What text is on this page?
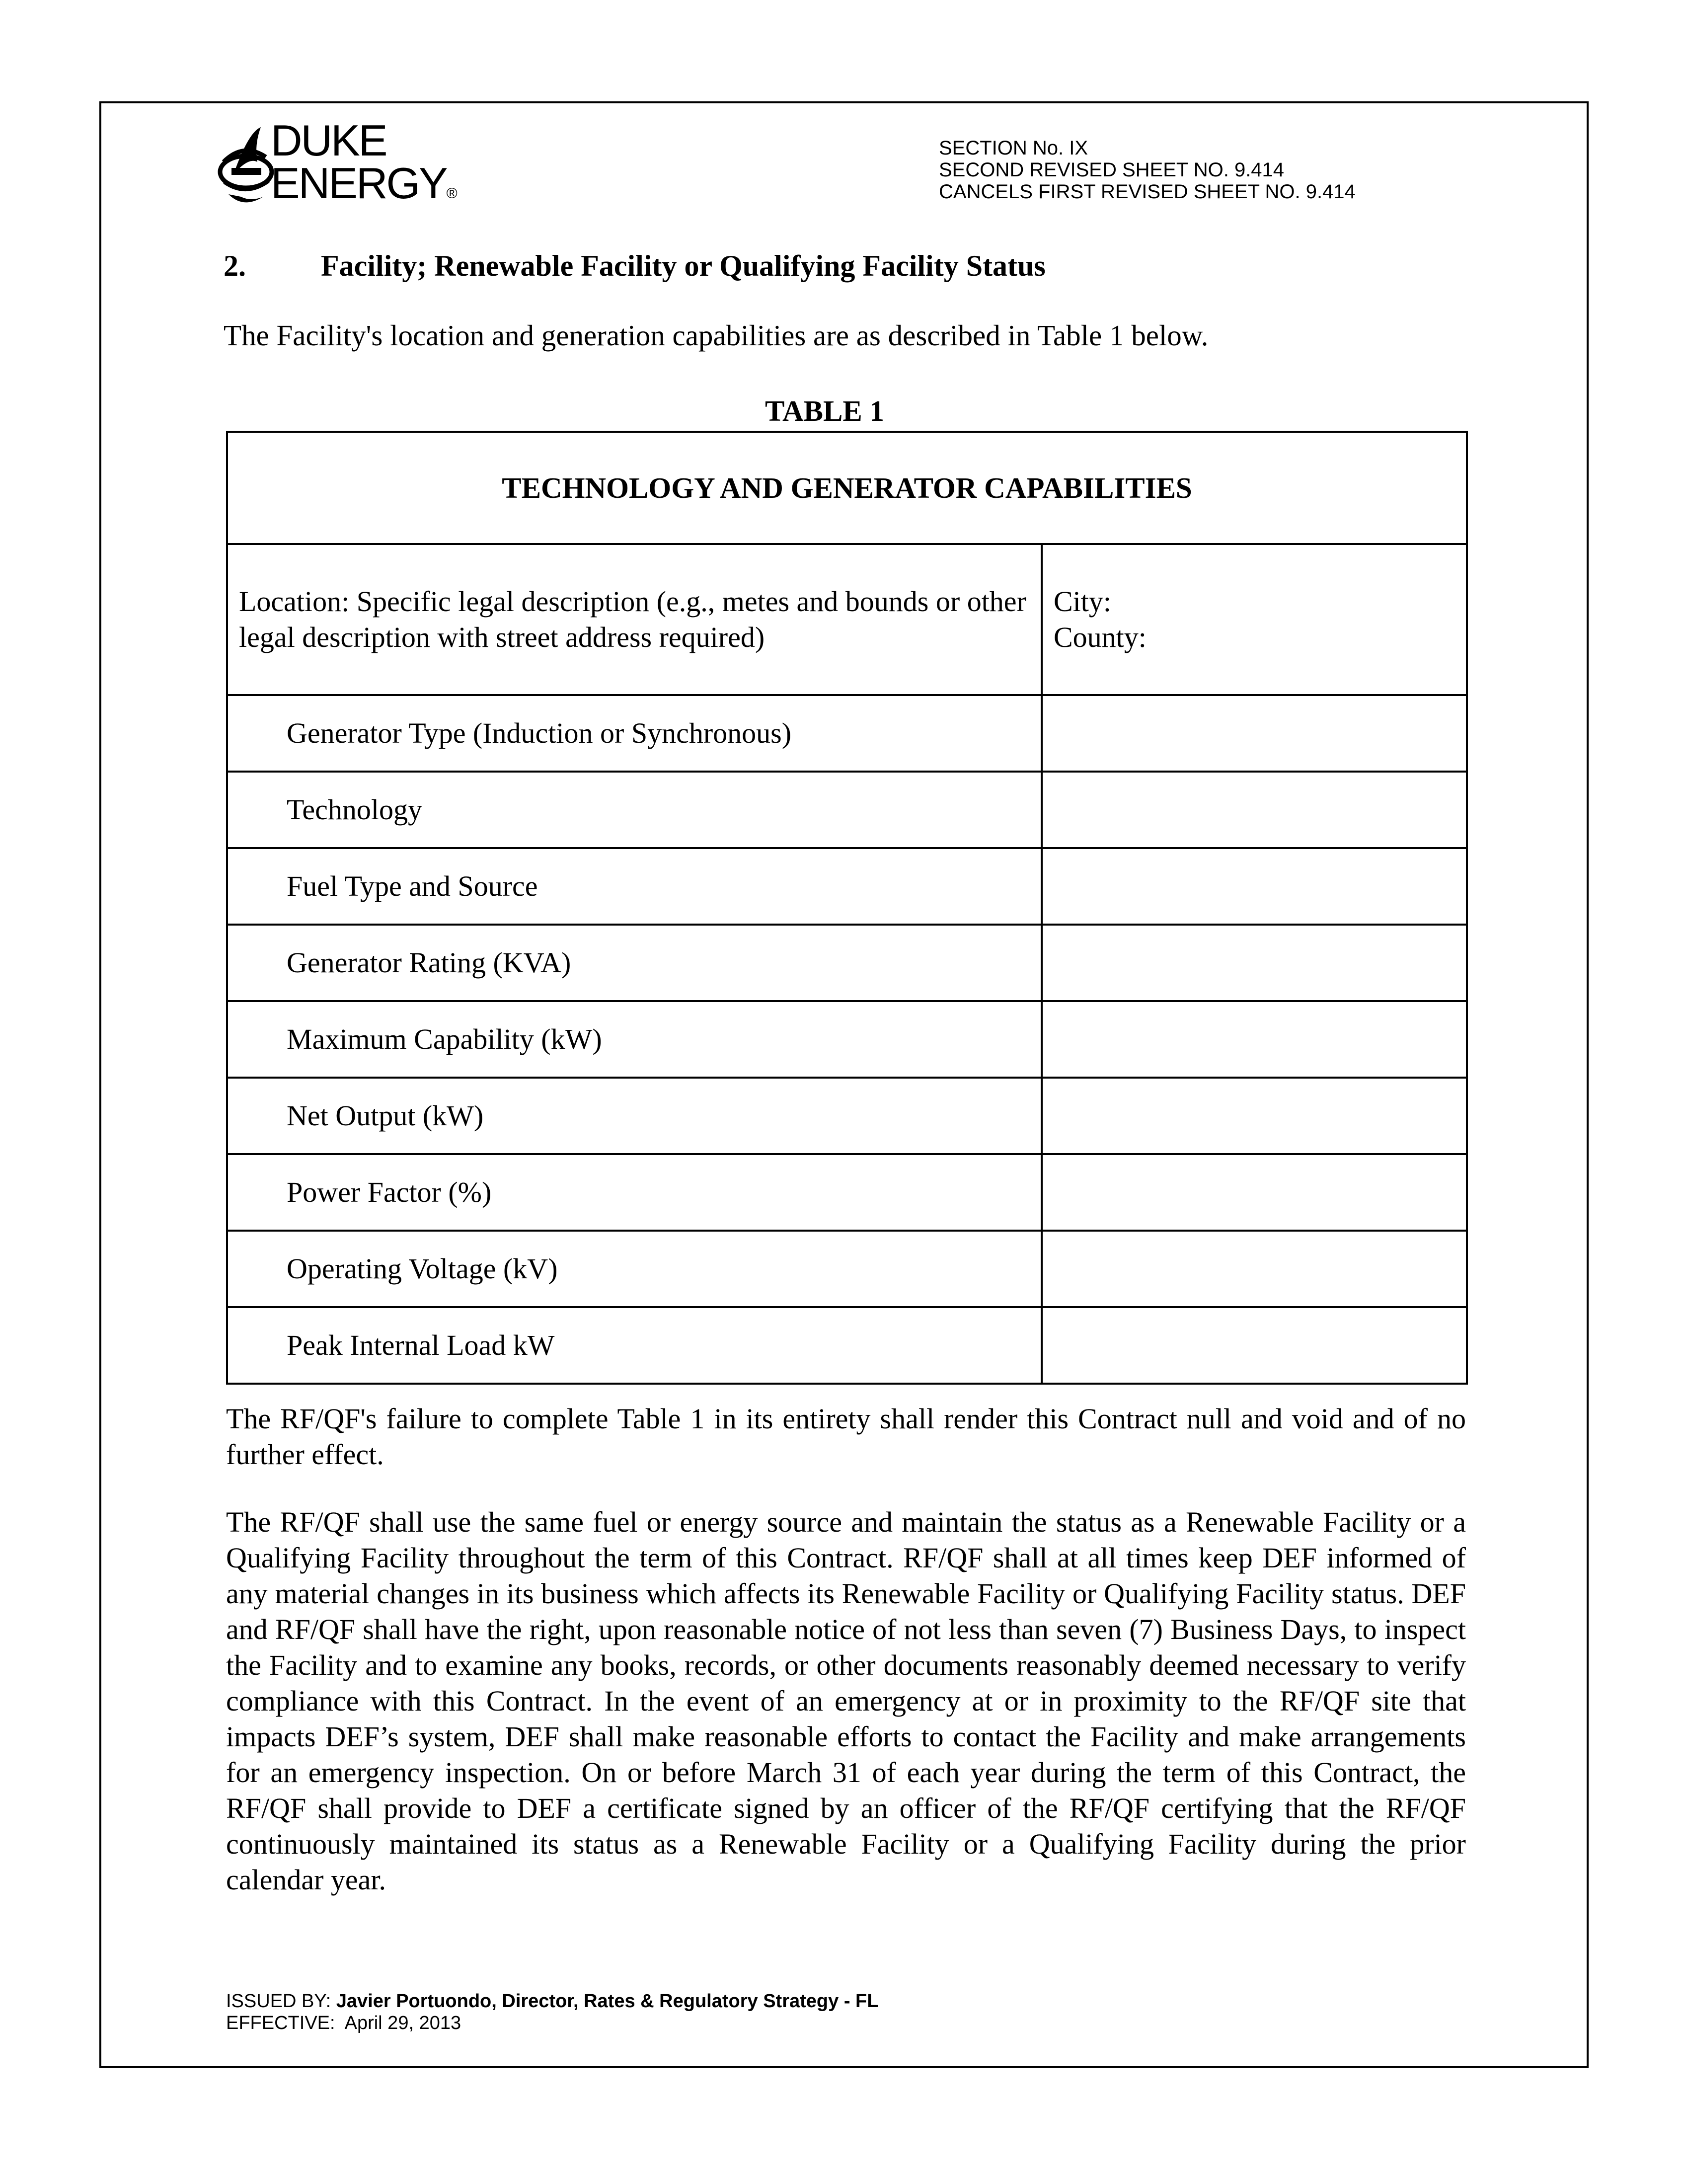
DUKE
ENERGY®
SECTION No. IX
SECOND REVISED SHEET NO. 9.414
CANCELS FIRST REVISED SHEET NO. 9.414
2.	Facility; Renewable Facility or Qualifying Facility Status
The Facility's location and generation capabilities are as described in Table 1 below.
TABLE 1
TECHNOLOGY AND GENERATOR CAPABILITIES	
Location: Specific legal description (e.g., metes and bounds or other legal description with street address required)	City:
County:

Generator Type (Induction or Synchronous)	
Technology	
Fuel Type and Source	
Generator Rating (KVA)	
Maximum Capability (kW)	
Net Output (kW)	
Power Factor (%)	
Operating Voltage (kV)	
Peak Internal Load kW	
The RF/QF's failure to complete Table 1 in its entirety shall render this Contract null and void and of no further effect.
The RF/QF shall use the same fuel or energy source and maintain the status as a Renewable Facility or a Qualifying Facility throughout the term of this Contract. RF/QF shall at all times keep DEF informed of any material changes in its business which affects its Renewable Facility or Qualifying Facility status. DEF and RF/QF shall have the right, upon reasonable notice of not less than seven (7) Business Days, to inspect the Facility and to examine any books, records, or other documents reasonably deemed necessary to verify compliance with this Contract. In the event of an emergency at or in proximity to the RF/QF site that impacts DEF’s system, DEF shall make reasonable efforts to contact the Facility and make arrangements for an emergency inspection. On or before March 31 of each year during the term of this Contract, the RF/QF shall provide to DEF a certificate signed by an officer of the RF/QF certifying that the RF/QF continuously maintained its status as a Renewable Facility or a Qualifying Facility during the prior calendar year.
ISSUED BY: Javier Portuondo, Director, Rates & Regulatory Strategy - FL
EFFECTIVE: April 29, 2013
